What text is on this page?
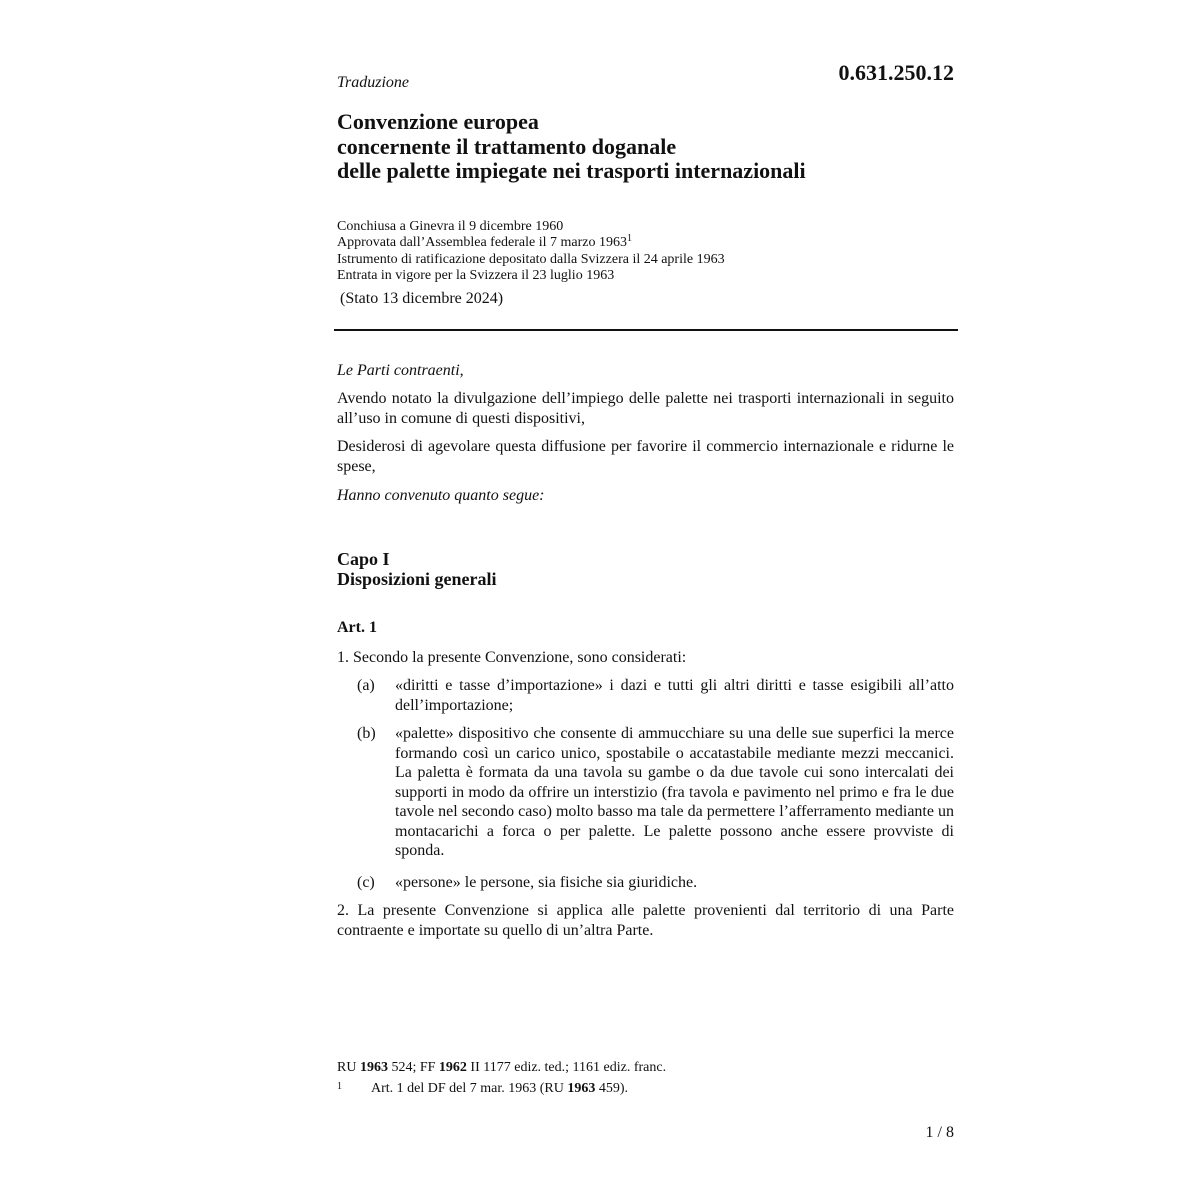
0.631.250.12
Traduzione
Convenzione europea
concernente il trattamento doganale
delle palette impiegate nei trasporti internazionali
Conchiusa a Ginevra il 9 dicembre 1960
Approvata dall’Assemblea federale il 7 marzo 1963$^1$
Istrumento di ratificazione depositato dalla Svizzera il 24 aprile 1963
Entrata in vigore per la Svizzera il 23 luglio 1963
(Stato 13 dicembre 2024)
Le Parti contraenti,
Avendo notato la divulgazione dell’impiego delle palette nei trasporti internazionali in seguito all’uso in comune di questi dispositivi,
Desiderosi di agevolare questa diffusione per favorire il commercio internazionale e ridurne le spese,
Hanno convenuto quanto segue:
Capo I
Disposizioni generali
Art. 1
1. Secondo la presente Convenzione, sono considerati:
(a) «diritti e tasse d’importazione» i dazi e tutti gli altri diritti e tasse esigibili all’atto dell’importazione;
(b) «palette» dispositivo che consente di ammucchiare su una delle sue superfici la merce formando così un carico unico, spostabile o accatastabile mediante mezzi meccanici. La paletta è formata da una tavola su gambe o da due tavole cui sono intercalati dei supporti in modo da offrire un interstizio (fra tavola e pavimento nel primo e fra le due tavole nel secondo caso) molto basso ma tale da permettere l’afferramento mediante un montacarichi a forca o per palette. Le palette possono anche essere provviste di sponda.
(c) «persone» le persone, sia fisiche sia giuridiche.
2. La presente Convenzione si applica alle palette provenienti dal territorio di una Parte contraente e importate su quello di un’altra Parte.
RU 1963 524; FF 1962 II 1177 ediz. ted.; 1161 ediz. franc.
1 Art. 1 del DF del 7 mar. 1963 (RU 1963 459).
1 / 8
